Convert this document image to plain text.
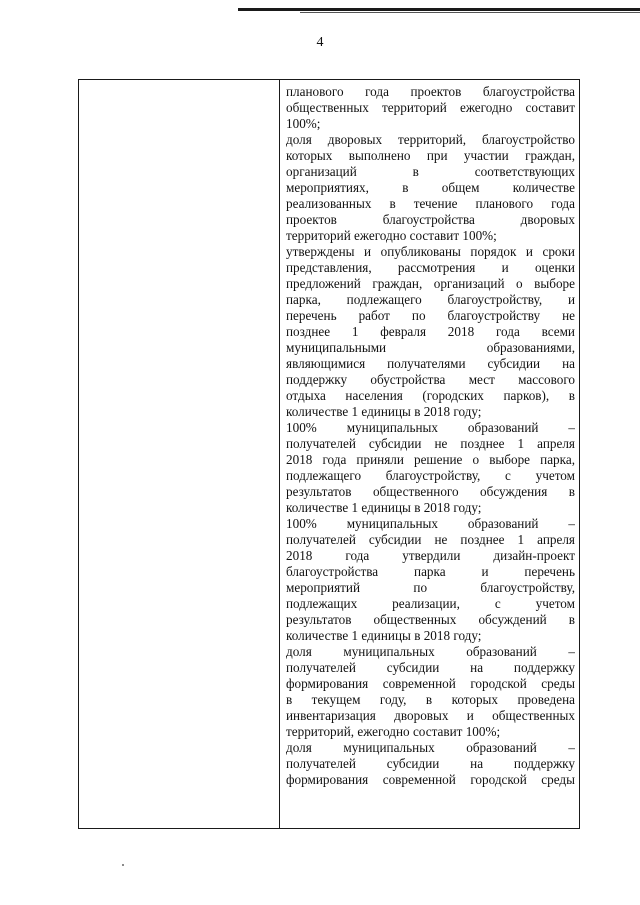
4
планового года проектов благоустройства
общественных территорий ежегодно составит
100%;
доля дворовых территорий, благоустройство
которых выполнено при участии граждан,
организаций в соответствующих
мероприятиях, в общем количестве
реализованных в течение планового года
проектов благоустройства дворовых
территорий ежегодно составит 100%;
утверждены и опубликованы порядок и сроки
представления, рассмотрения и оценки
предложений граждан, организаций о выборе
парка, подлежащего благоустройству, и
перечень работ по благоустройству не
позднее 1 февраля 2018 года всеми
муниципальными образованиями,
являющимися получателями субсидии на
поддержку обустройства мест массового
отдыха населения (городских парков), в
количестве 1 единицы в 2018 году;
100% муниципальных образований –
получателей субсидии не позднее 1 апреля
2018 года приняли решение о выборе парка,
подлежащего благоустройству, с учетом
результатов общественного обсуждения в
количестве 1 единицы в 2018 году;
100% муниципальных образований –
получателей субсидии не позднее 1 апреля
2018 года утвердили дизайн-проект
благоустройства парка и перечень
мероприятий по благоустройству,
подлежащих реализации, с учетом
результатов общественных обсуждений в
количестве 1 единицы в 2018 году;
доля муниципальных образований –
получателей субсидии на поддержку
формирования современной городской среды
в текущем году, в которых проведена
инвентаризация дворовых и общественных
территорий, ежегодно составит 100%;
доля муниципальных образований –
получателей субсидии на поддержку
формирования современной городской среды
